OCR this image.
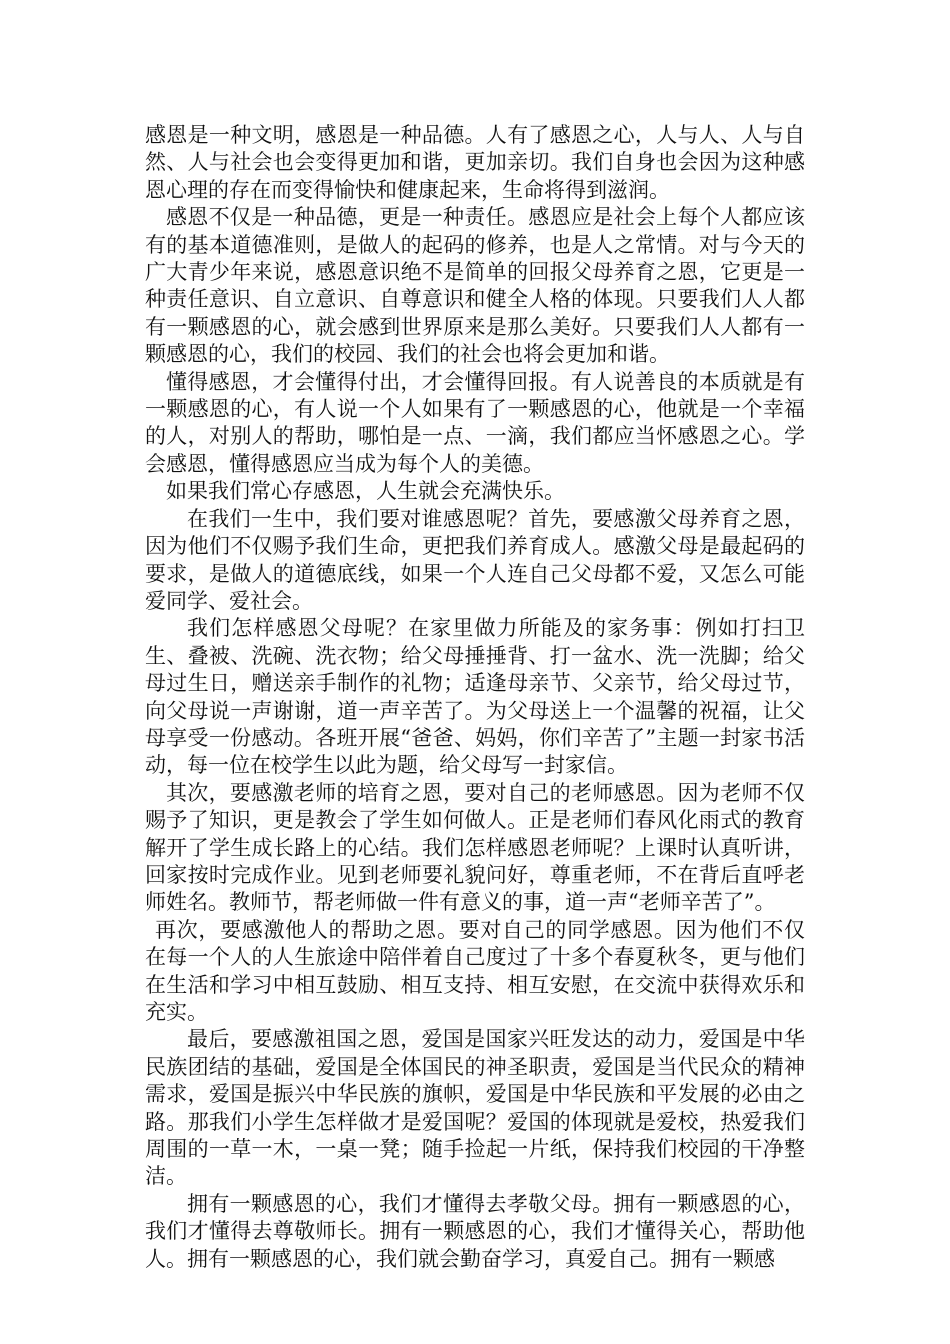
感恩是一种文明，感恩是一种品德。人有了感恩之心，人与人、人与自然、人与社会也会变得更加和谐，更加亲切。我们自身也会因为这种感恩心理的存在而变得愉快和健康起来，生命将得到滋润。

感恩不仅是一种品德，更是一种责任。感恩应是社会上每个人都应该有的基本道德准则，是做人的起码的修养，也是人之常情。对与今天的广大青少年来说，感恩意识绝不是简单的回报父母养育之恩，它更是一种责任意识、自立意识、自尊意识和健全人格的体现。只要我们人人都有一颗感恩的心，就会感到世界原来是那么美好。只要我们人人都有一颗感恩的心，我们的校园、我们的社会也将会更加和谐。

懂得感恩，才会懂得付出，才会懂得回报。有人说善良的本质就是有一颗感恩的心，有人说一个人如果有了一颗感恩的心，他就是一个幸福的人，对别人的帮助，哪怕是一点、一滴，我们都应当怀感恩之心。学会感恩，懂得感恩应当成为每个人的美德。

如果我们常心存感恩，人生就会充满快乐。

在我们一生中，我们要对谁感恩呢？首先，要感激父母养育之恩，因为他们不仅赐予我们生命，更把我们养育成人。感激父母是最起码的要求，是做人的道德底线，如果一个人连自己父母都不爱，又怎么可能爱同学、爱社会。

我们怎样感恩父母呢？在家里做力所能及的家务事：例如打扫卫生、叠被、洗碗、洗衣物；给父母捶捶背、打一盆水、洗一洗脚；给父母过生日，赠送亲手制作的礼物；适逢母亲节、父亲节，给父母过节，向父母说一声谢谢，道一声辛苦了。为父母送上一个温馨的祝福，让父母享受一份感动。各班开展“爸爸、妈妈，你们辛苦了”主题一封家书活动，每一位在校学生以此为题，给父母写一封家信。

其次，要感激老师的培育之恩，要对自己的老师感恩。因为老师不仅赐予了知识，更是教会了学生如何做人。正是老师们春风化雨式的教育解开了学生成长路上的心结。我们怎样感恩老师呢？上课时认真听讲，回家按时完成作业。见到老师要礼貌问好，尊重老师，不在背后直呼老师姓名。教师节，帮老师做一件有意义的事，道一声“老师辛苦了”。

再次，要感激他人的帮助之恩。要对自己的同学感恩。因为他们不仅在每一个人的人生旅途中陪伴着自己度过了十多个春夏秋冬，更与他们在生活和学习中相互鼓励、相互支持、相互安慰，在交流中获得欢乐和充实。

最后，要感激祖国之恩，爱国是国家兴旺发达的动力，爱国是中华民族团结的基础，爱国是全体国民的神圣职责，爱国是当代民众的精神需求，爱国是振兴中华民族的旗帜，爱国是中华民族和平发展的必由之路。那我们小学生怎样做才是爱国呢？爱国的体现就是爱校，热爱我们周围的一草一木，一桌一凳；随手捡起一片纸，保持我们校园的干净整洁。

拥有一颗感恩的心，我们才懂得去孝敬父母。拥有一颗感恩的心，我们才懂得去尊敬师长。拥有一颗感恩的心，我们才懂得关心，帮助他人。拥有一颗感恩的心，我们就会勤奋学习，真爱自己。拥有一颗感
